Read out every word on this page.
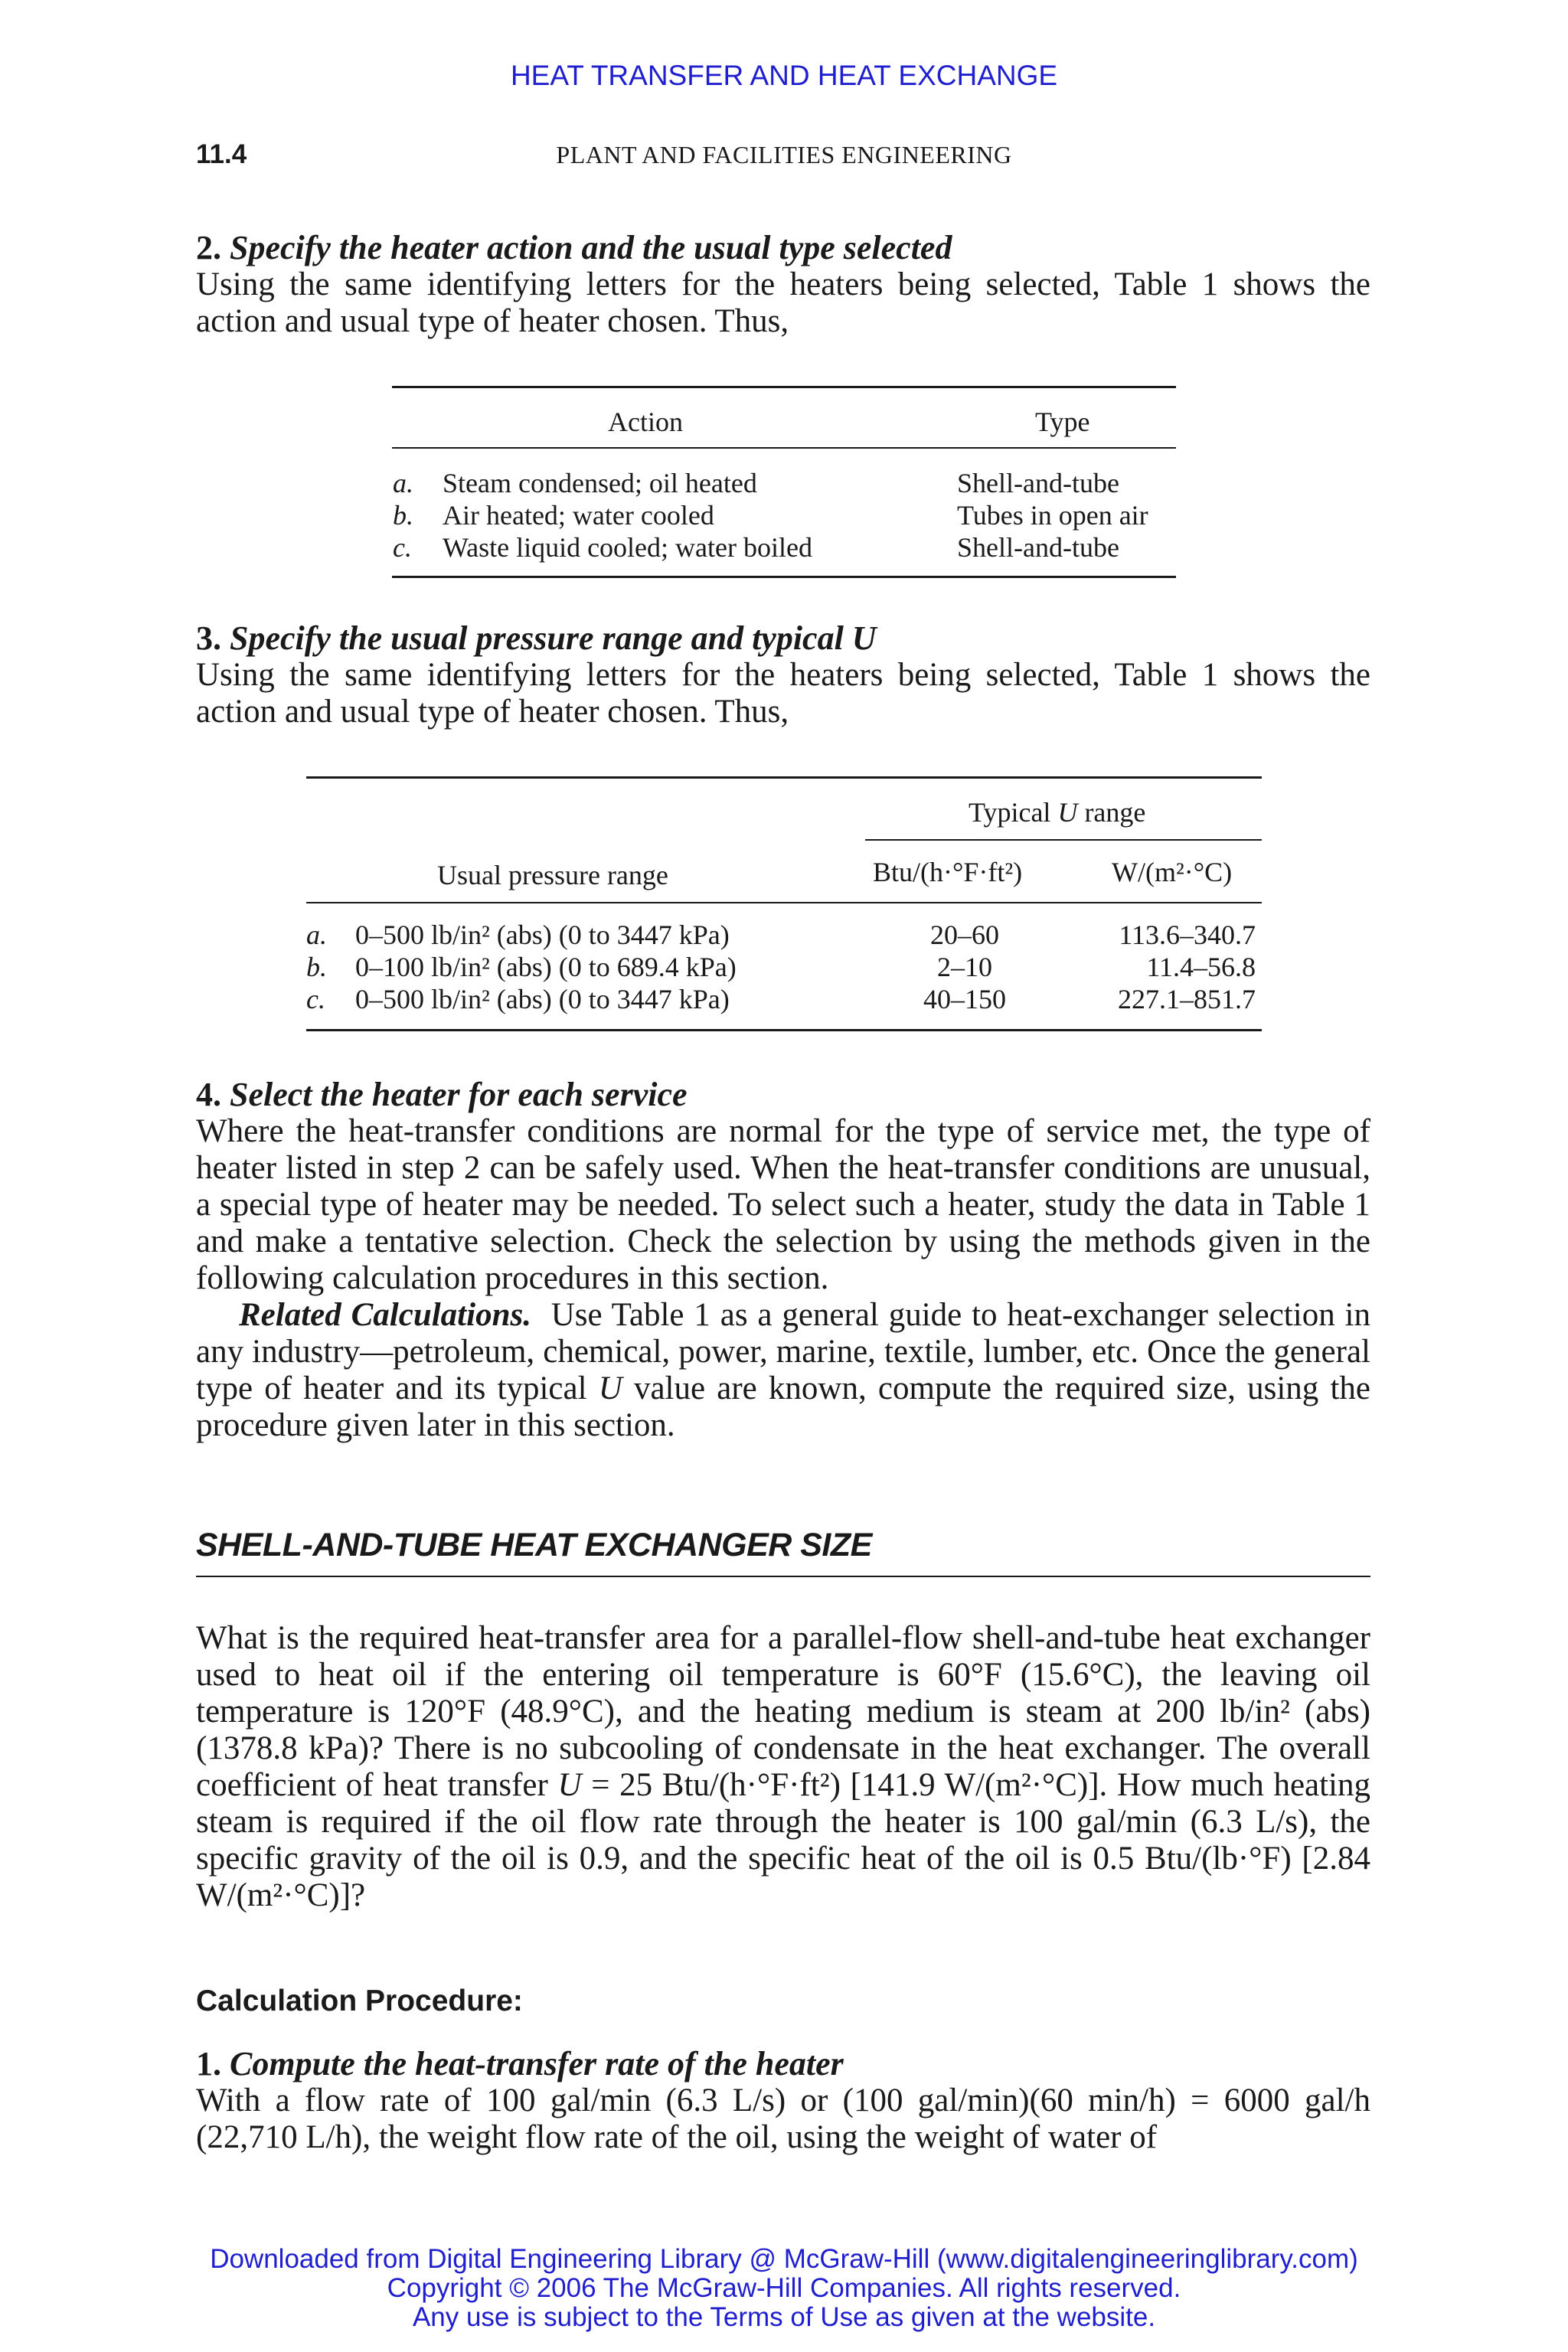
HEAT TRANSFER AND HEAT EXCHANGE
11.4	PLANT AND FACILITIES ENGINEERING
2. Specify the heater action and the usual type selected
Using the same identifying letters for the heaters being selected, Table 1 shows the action and usual type of heater chosen. Thus,
Action	Type
a. Steam condensed; oil heated	Shell-and-tube
b. Air heated; water cooled	Tubes in open air
c. Waste liquid cooled; water boiled	Shell-and-tube
3. Specify the usual pressure range and typical U
Using the same identifying letters for the heaters being selected, Table 1 shows the action and usual type of heater chosen. Thus,
Typical U range
Usual pressure range	Btu/(h·°F·ft²)	W/(m²·°C)
a. 0–500 lb/in² (abs) (0 to 3447 kPa)	20–60	113.6–340.7
b. 0–100 lb/in² (abs) (0 to 689.4 kPa)	2–10	11.4–56.8
c. 0–500 lb/in² (abs) (0 to 3447 kPa)	40–150	227.1–851.7
4. Select the heater for each service
Where the heat-transfer conditions are normal for the type of service met, the type of heater listed in step 2 can be safely used. When the heat-transfer conditions are unusual, a special type of heater may be needed. To select such a heater, study the data in Table 1 and make a tentative selection. Check the selection by using the methods given in the following calculation procedures in this section.
Related Calculations. Use Table 1 as a general guide to heat-exchanger selection in any industry—petroleum, chemical, power, marine, textile, lumber, etc. Once the general type of heater and its typical U value are known, compute the required size, using the procedure given later in this section.
SHELL-AND-TUBE HEAT EXCHANGER SIZE
What is the required heat-transfer area for a parallel-flow shell-and-tube heat exchanger used to heat oil if the entering oil temperature is 60°F (15.6°C), the leaving oil temperature is 120°F (48.9°C), and the heating medium is steam at 200 lb/in² (abs) (1378.8 kPa)? There is no subcooling of condensate in the heat exchanger. The overall coefficient of heat transfer U = 25 Btu/(h·°F·ft²) [141.9 W/(m²·°C)]. How much heating steam is required if the oil flow rate through the heater is 100 gal/min (6.3 L/s), the specific gravity of the oil is 0.9, and the specific heat of the oil is 0.5 Btu/(lb·°F) [2.84 W/(m²·°C)]?
Calculation Procedure:
1. Compute the heat-transfer rate of the heater
With a flow rate of 100 gal/min (6.3 L/s) or (100 gal/min)(60 min/h) = 6000 gal/h (22,710 L/h), the weight flow rate of the oil, using the weight of water of
Downloaded from Digital Engineering Library @ McGraw-Hill (www.digitalengineeringlibrary.com)
Copyright © 2006 The McGraw-Hill Companies. All rights reserved.
Any use is subject to the Terms of Use as given at the website.
